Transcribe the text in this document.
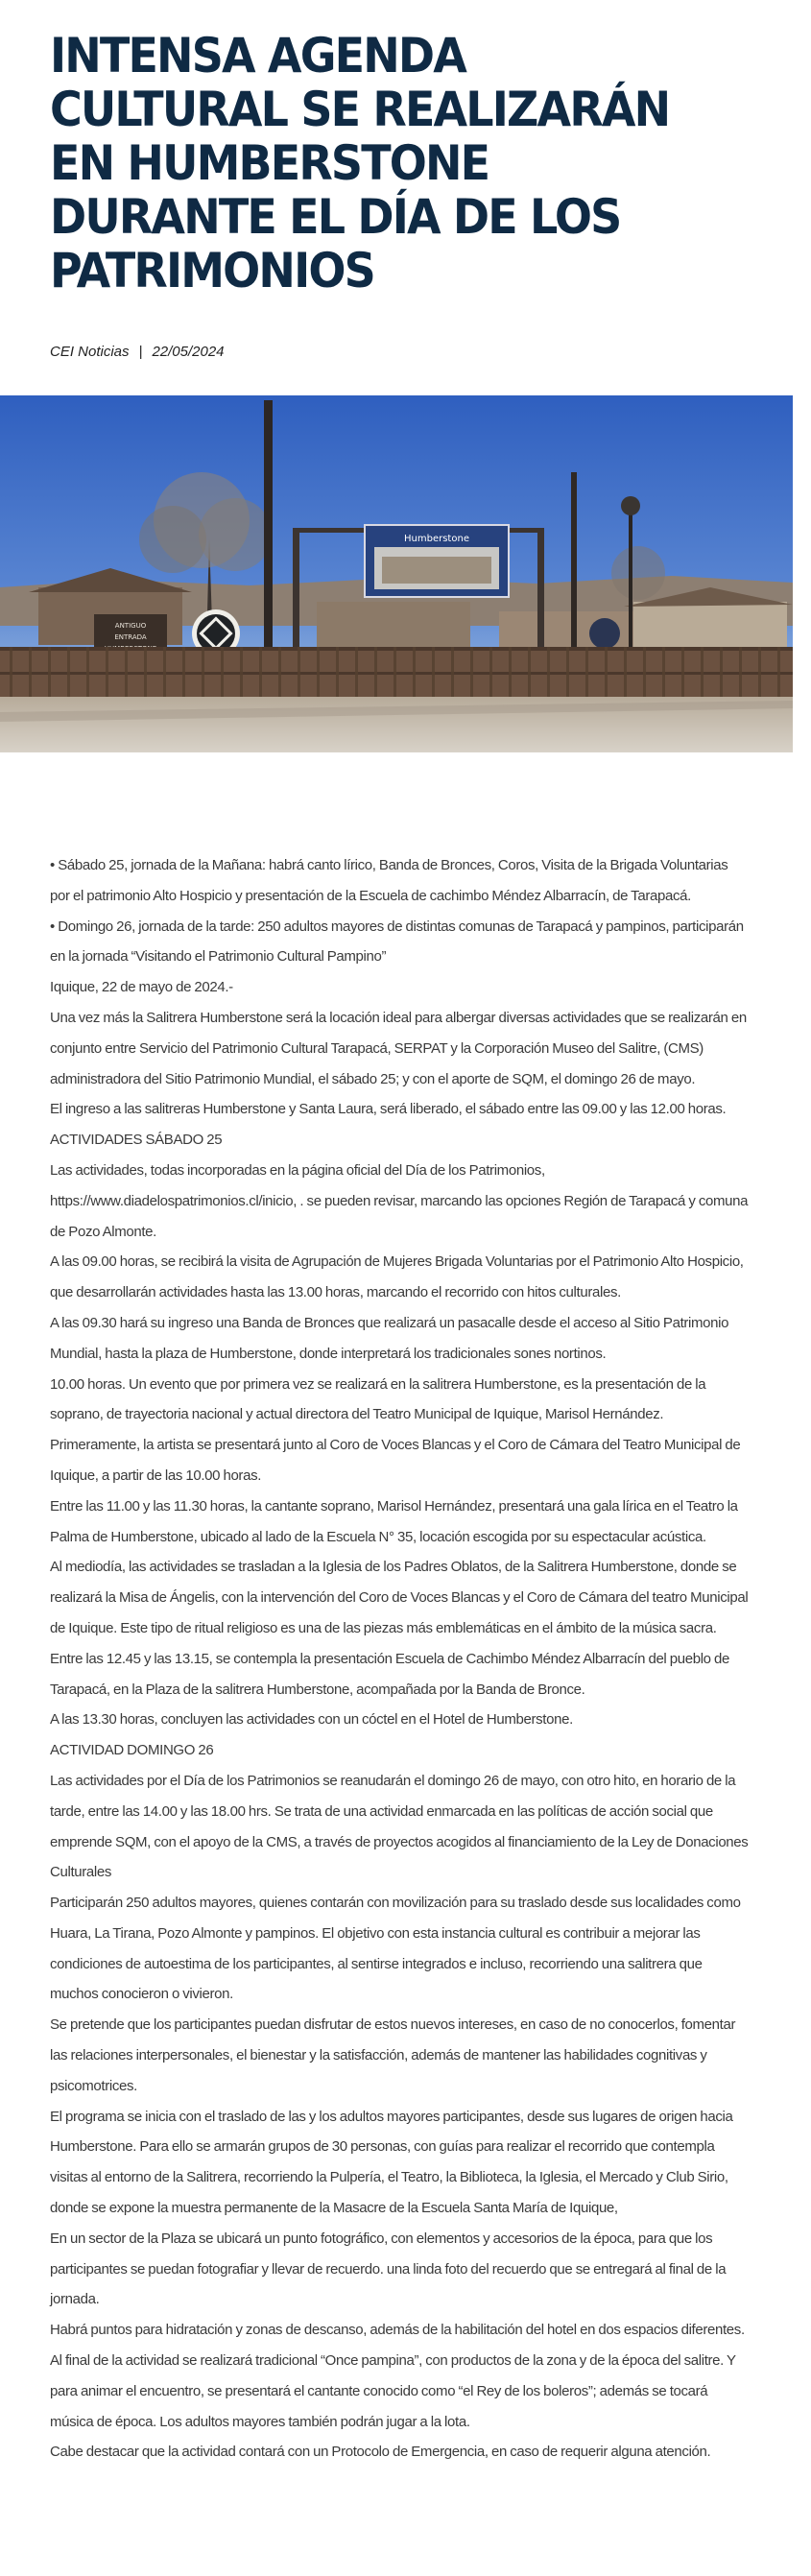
INTENSA AGENDA CULTURAL SE REALIZARÁN EN HUMBERSTONE DURANTE EL DÍA DE LOS PATRIMONIOS
CEI Noticias | 22/05/2024
Humberstone
ANTIGUO
ENTRADA

• Sábado 25, jornada de la Mañana: habrá canto lírico, Banda de Bronces, Coros, Visita de la Brigada Voluntarias por el patrimonio Alto Hospicio y presentación de la Escuela de cachimbo Méndez Albarracín, de Tarapacá.

• Domingo 26, jornada de la tarde: 250 adultos mayores de distintas comunas de Tarapacá y pampinos, participarán en la jornada “Visitando el Patrimonio Cultural Pampino”

Iquique, 22 de mayo de 2024.-

Una vez más la Salitrera Humberstone será la locación ideal para albergar diversas actividades que se realizarán en conjunto entre Servicio del Patrimonio Cultural Tarapacá, SERPAT y la Corporación Museo del Salitre, (CMS) administradora del Sitio Patrimonio Mundial, el sábado 25; y con el aporte de SQM, el domingo 26 de mayo.

El ingreso a las salitreras Humberstone y Santa Laura, será liberado, el sábado entre las 09.00 y las 12.00 horas.

ACTIVIDADES SÁBADO 25

Las actividades, todas incorporadas en la página oficial del Día de los Patrimonios, https://www.diadelospatrimonios.cl/inicio, . se pueden revisar, marcando las opciones Región de Tarapacá y comuna de Pozo Almonte.

A las 09.00 horas, se recibirá la visita de Agrupación de Mujeres Brigada Voluntarias por el Patrimonio Alto Hospicio, que desarrollarán actividades hasta las 13.00 horas, marcando el recorrido con hitos culturales.

A las 09.30 hará su ingreso una Banda de Bronces que realizará un pasacalle desde el acceso al Sitio Patrimonio Mundial, hasta la plaza de Humberstone, donde interpretará los tradicionales sones nortinos.

10.00 horas. Un evento que por primera vez se realizará en la salitrera Humberstone, es la presentación de la soprano, de trayectoria nacional y actual directora del Teatro Municipal de Iquique, Marisol Hernández. Primeramente, la artista se presentará junto al Coro de Voces Blancas y el Coro de Cámara del Teatro Municipal de Iquique, a partir de las 10.00 horas.

Entre las 11.00 y las 11.30 horas, la cantante soprano, Marisol Hernández, presentará una gala lírica en el Teatro la Palma de Humberstone, ubicado al lado de la Escuela N° 35, locación escogida por su espectacular acústica.

Al mediodía, las actividades se trasladan a la Iglesia de los Padres Oblatos, de la Salitrera Humberstone, donde se realizará la Misa de Ángelis, con la intervención del Coro de Voces Blancas y el Coro de Cámara del teatro Municipal de Iquique. Este tipo de ritual religioso es una de las piezas más emblemáticas en el ámbito de la música sacra.

Entre las 12.45 y las 13.15, se contempla la presentación Escuela de Cachimbo Méndez Albarracín del pueblo de Tarapacá, en la Plaza de la salitrera Humberstone, acompañada por la Banda de Bronce.

A las 13.30 horas, concluyen las actividades con un cóctel en el Hotel de Humberstone.

ACTIVIDAD DOMINGO 26

Las actividades por el Día de los Patrimonios se reanudarán el domingo 26 de mayo, con otro hito, en horario de la tarde, entre las 14.00 y las 18.00 hrs. Se trata de una actividad enmarcada en las políticas de acción social que emprende SQM, con el apoyo de la CMS, a través de proyectos acogidos al financiamiento de la Ley de Donaciones Culturales

Participarán 250 adultos mayores, quienes contarán con movilización para su traslado desde sus localidades como Huara, La Tirana, Pozo Almonte y pampinos. El objetivo con esta instancia cultural es contribuir a mejorar las condiciones de autoestima de los participantes, al sentirse integrados e incluso, recorriendo una salitrera que muchos conocieron o vivieron.

Se pretende que los participantes puedan disfrutar de estos nuevos intereses, en caso de no conocerlos, fomentar las relaciones interpersonales, el bienestar y la satisfacción, además de mantener las habilidades cognitivas y psicomotrices.

El programa se inicia con el traslado de las y los adultos mayores participantes, desde sus lugares de origen hacia Humberstone. Para ello se armarán grupos de 30 personas, con guías para realizar el recorrido que contempla visitas al entorno de la Salitrera, recorriendo la Pulpería, el Teatro, la Biblioteca, la Iglesia, el Mercado y Club Sirio, donde se expone la muestra permanente de la Masacre de la Escuela Santa María de Iquique,

En un sector de la Plaza se ubicará un punto fotográfico, con elementos y accesorios de la época, para que los participantes se puedan fotografiar y llevar de recuerdo. una linda foto del recuerdo que se entregará al final de la jornada.

Habrá puntos para hidratación y zonas de descanso, además de la habilitación del hotel en dos espacios diferentes.

Al final de la actividad se realizará tradicional “Once pampina”, con productos de la zona y de la época del salitre. Y para animar el encuentro, se presentará el cantante conocido como “el Rey de los boleros”; además se tocará música de época. Los adultos mayores también podrán jugar a la lota.

Cabe destacar que la actividad contará con un Protocolo de Emergencia, en caso de requerir alguna atención.
